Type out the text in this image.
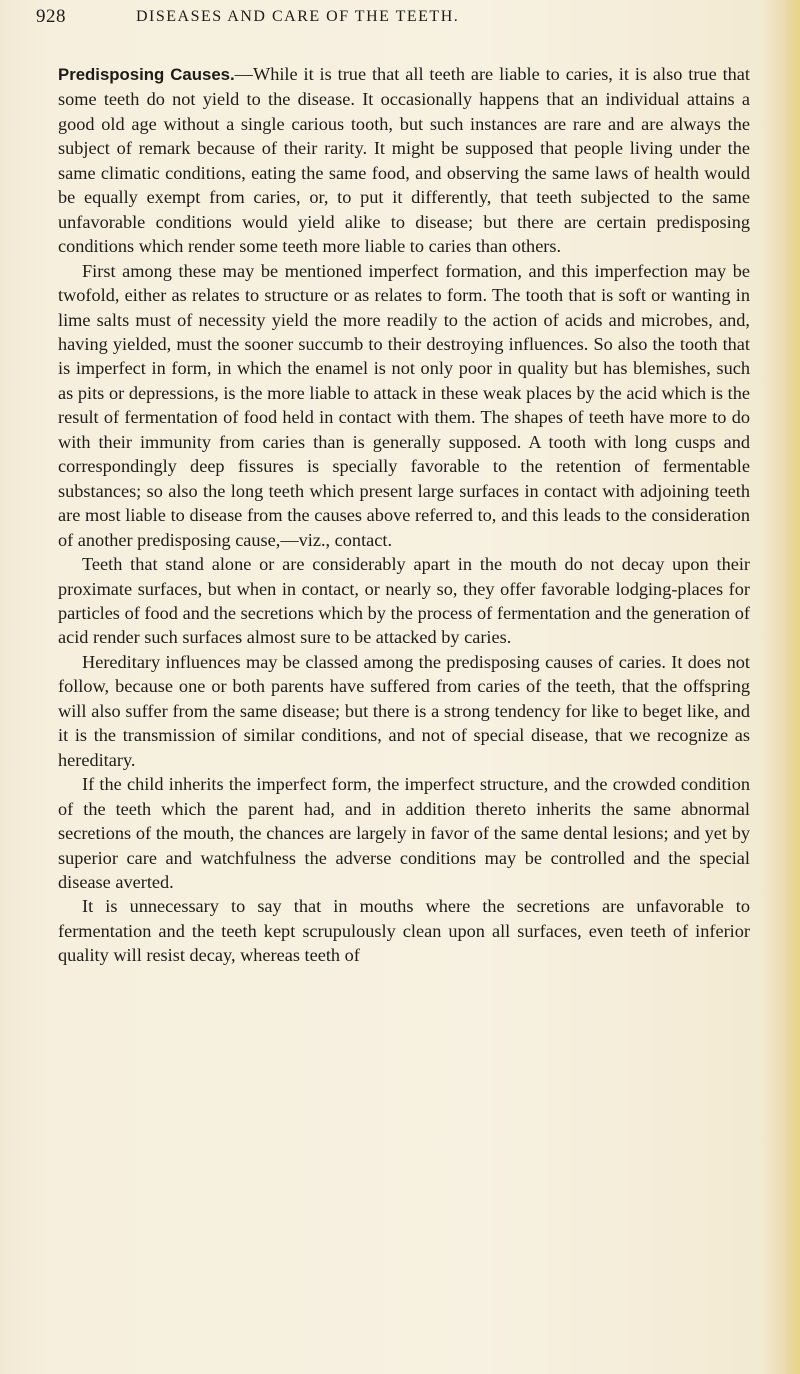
928	DISEASES AND CARE OF THE TEETH.

Predisposing Causes.—While it is true that all teeth are liable to caries, it is also true that some teeth do not yield to the disease. It occasionally happens that an individual attains a good old age without a single carious tooth, but such instances are rare and are always the subject of remark because of their rarity. It might be supposed that people living under the same climatic conditions, eating the same food, and observing the same laws of health would be equally exempt from caries, or, to put it differently, that teeth subjected to the same unfavorable conditions would yield alike to disease; but there are certain predisposing conditions which render some teeth more liable to caries than others.

First among these may be mentioned imperfect formation, and this imperfection may be twofold, either as relates to structure or as relates to form. The tooth that is soft or wanting in lime salts must of necessity yield the more readily to the action of acids and microbes, and, having yielded, must the sooner succumb to their destroying influences. So also the tooth that is imperfect in form, in which the enamel is not only poor in quality but has blemishes, such as pits or depressions, is the more liable to attack in these weak places by the acid which is the result of fermentation of food held in contact with them. The shapes of teeth have more to do with their immunity from caries than is generally supposed. A tooth with long cusps and correspondingly deep fissures is specially favorable to the retention of fermentable substances; so also the long teeth which present large surfaces in contact with adjoining teeth are most liable to disease from the causes above referred to, and this leads to the consideration of another predisposing cause,—viz., contact.

Teeth that stand alone or are considerably apart in the mouth do not decay upon their proximate surfaces, but when in contact, or nearly so, they offer favorable lodging-places for particles of food and the secretions which by the process of fermentation and the generation of acid render such surfaces almost sure to be attacked by caries.

Hereditary influences may be classed among the predisposing causes of caries. It does not follow, because one or both parents have suffered from caries of the teeth, that the offspring will also suffer from the same disease; but there is a strong tendency for like to beget like, and it is the transmission of similar conditions, and not of special disease, that we recognize as hereditary.

If the child inherits the imperfect form, the imperfect structure, and the crowded condition of the teeth which the parent had, and in addition thereto inherits the same abnormal secretions of the mouth, the chances are largely in favor of the same dental lesions; and yet by superior care and watchfulness the adverse conditions may be controlled and the special disease averted.

It is unnecessary to say that in mouths where the secretions are unfavorable to fermentation and the teeth kept scrupulously clean upon all surfaces, even teeth of inferior quality will resist decay, whereas teeth of
